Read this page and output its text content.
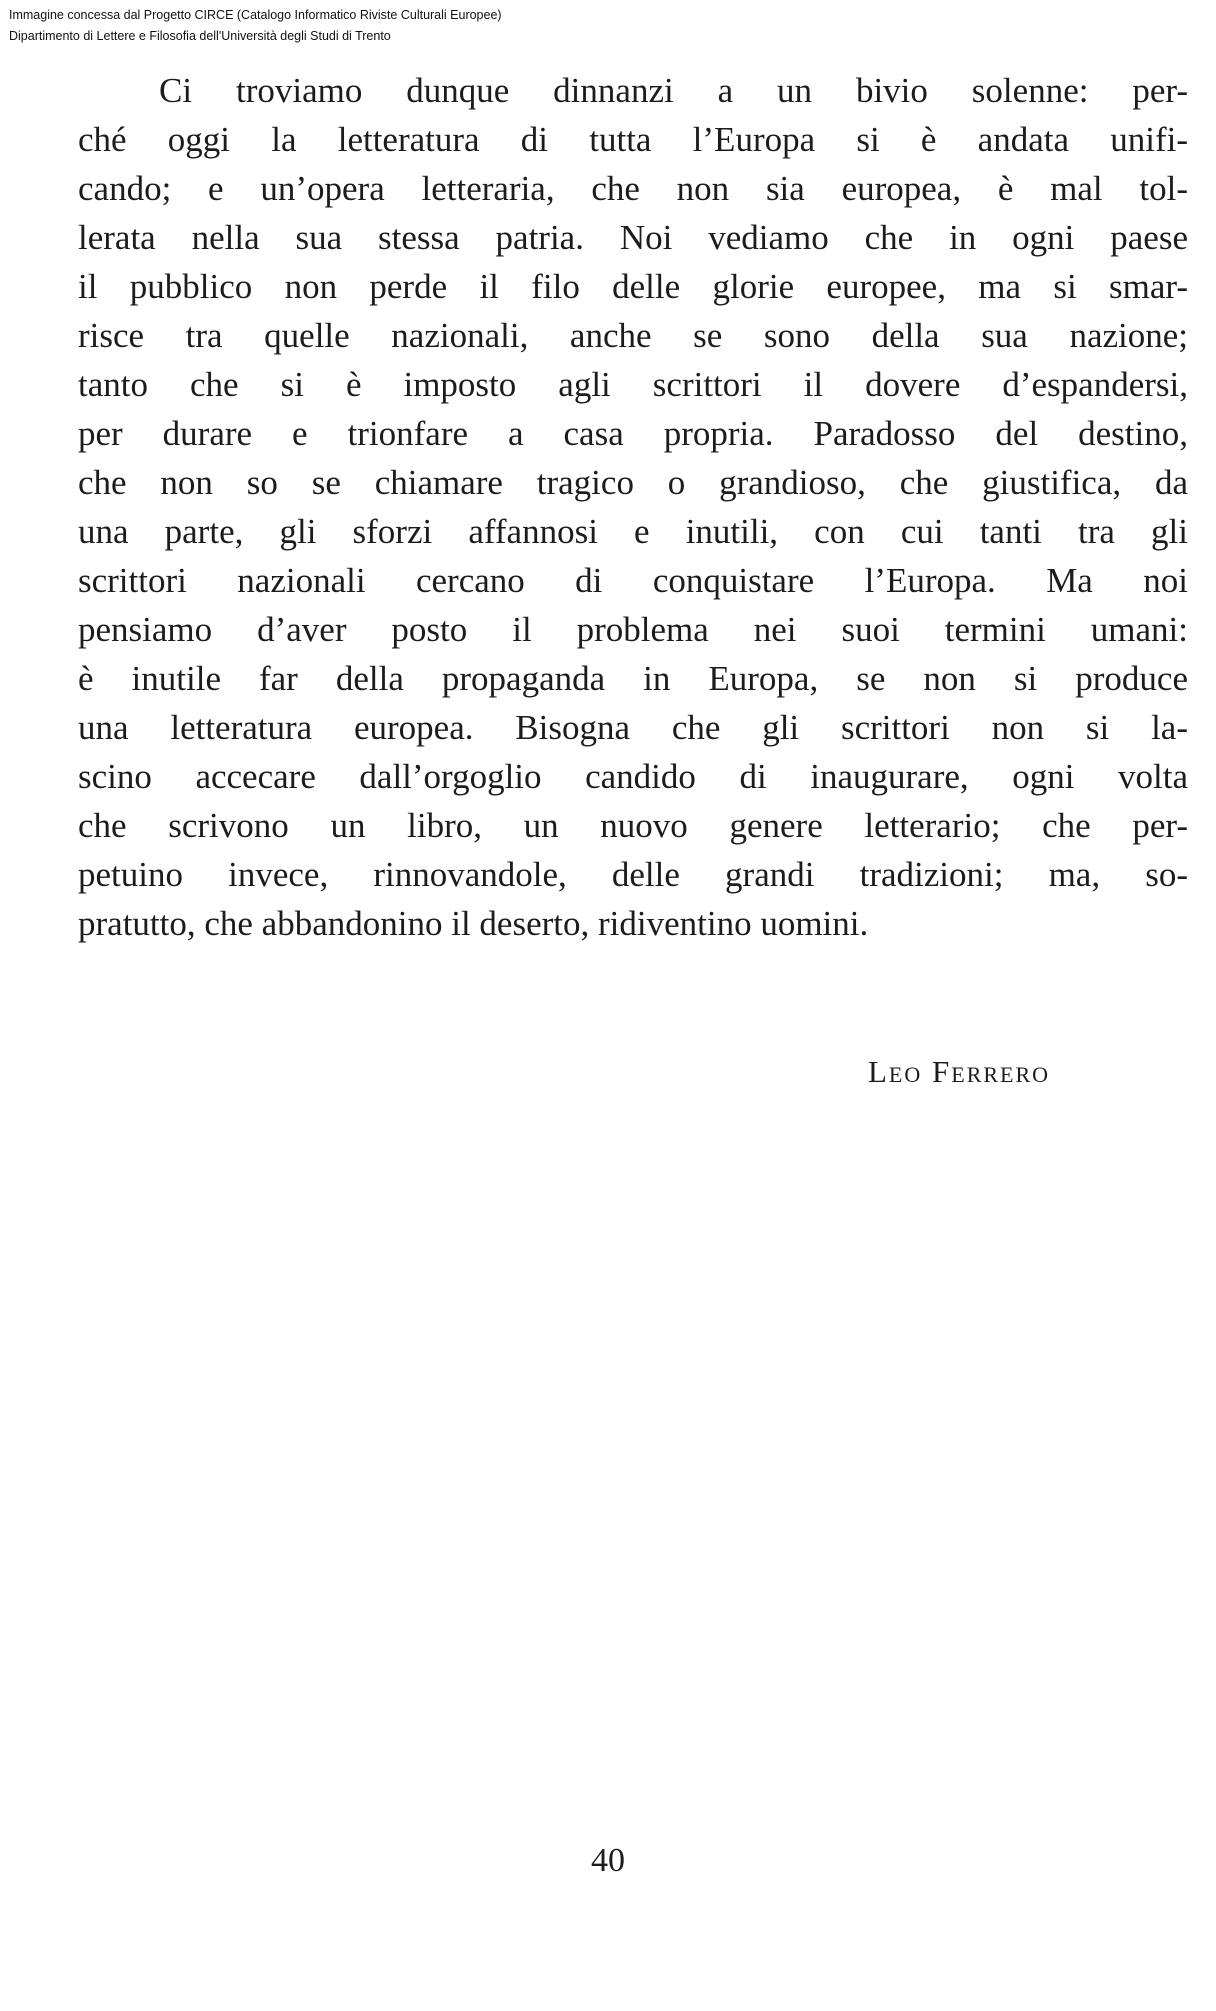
Immagine concessa dal Progetto CIRCE (Catalogo Informatico Riviste Culturali Europee)
Dipartimento di Lettere e Filosofia dell'Università degli Studi di Trento
Ci troviamo dunque dinnanzi a un bivio solenne: per-
ché oggi la letteratura di tutta l’Europa si è andata unifi-
cando; e un’opera letteraria, che non sia europea, è mal tol-
lerata nella sua stessa patria. Noi vediamo che in ogni paese
il pubblico non perde il filo delle glorie europee, ma si smar-
risce tra quelle nazionali, anche se sono della sua nazione;
tanto che si è imposto agli scrittori il dovere d’espandersi,
per durare e trionfare a casa propria. Paradosso del destino,
che non so se chiamare tragico o grandioso, che giustifica, da
una parte, gli sforzi affannosi e inutili, con cui tanti tra gli
scrittori nazionali cercano di conquistare l’Europa. Ma noi
pensiamo d’aver posto il problema nei suoi termini umani:
è inutile far della propaganda in Europa, se non si produce
una letteratura europea. Bisogna che gli scrittori non si la-
scino accecare dall’orgoglio candido di inaugurare, ogni volta
che scrivono un libro, un nuovo genere letterario; che per-
petuino invece, rinnovandole, delle grandi tradizioni; ma, so-
pratutto, che abbandonino il deserto, ridiventino uomini.
Leo Ferrero
40
